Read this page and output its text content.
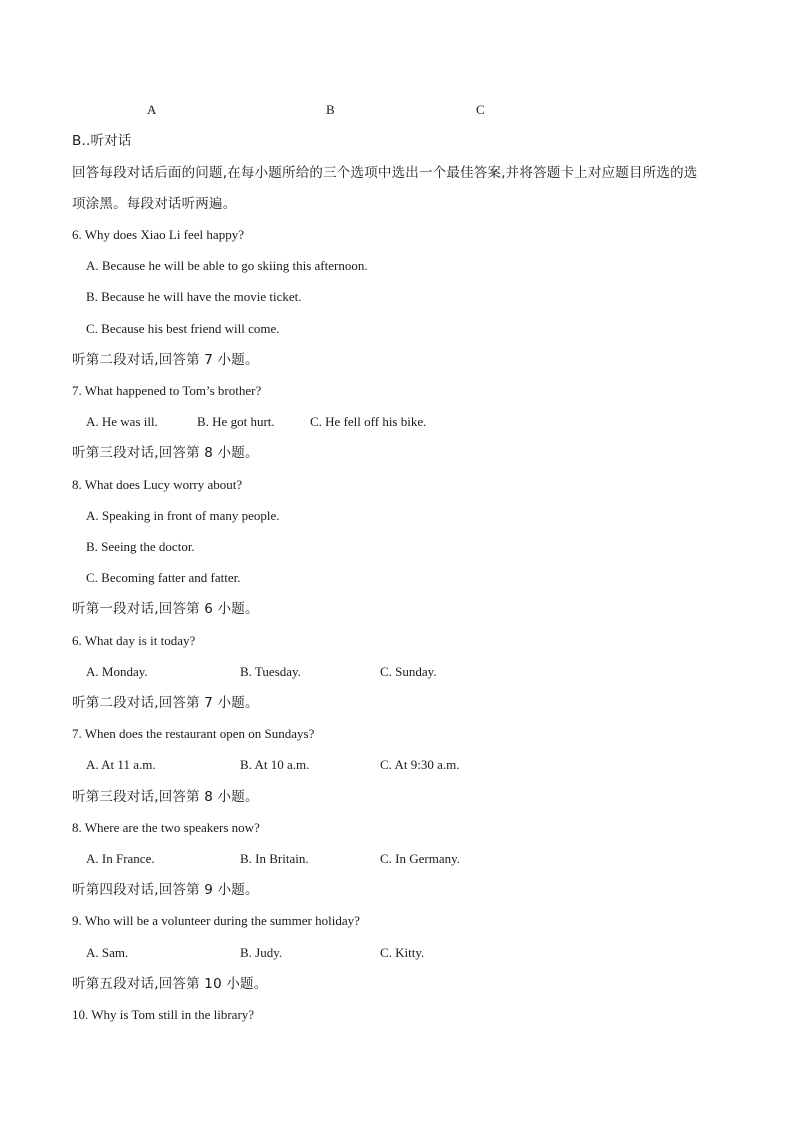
A	B	C
B..听对话
回答每段对话后面的问题,在每小题所给的三个选项中选出一个最佳答案,并将答题卡上对应题目所选的选
项涂黑。每段对话听两遍。
6. Why does Xiao Li feel happy?
A. Because he will be able to go skiing this afternoon.
B. Because he will have the movie ticket.
C. Because his best friend will come.
听第二段对话,回答第 7 小题。
7. What happened to Tom’s brother?
A. He was ill.	B. He got hurt.	C. He fell off his bike.
听第三段对话,回答第 8 小题。
8. What does Lucy worry about?
A. Speaking in front of many people.
B. Seeing the doctor.
C. Becoming fatter and fatter.
听第一段对话,回答第 6 小题。
6. What day is it today?
A. Monday.	B. Tuesday.	C. Sunday.
听第二段对话,回答第 7 小题。
7. When does the restaurant open on Sundays?
A. At 11 a.m.	B. At 10 a.m.	C. At 9:30 a.m.
听第三段对话,回答第 8 小题。
8. Where are the two speakers now?
A. In France.	B. In Britain.	C. In Germany.
听第四段对话,回答第 9 小题。
9. Who will be a volunteer during the summer holiday?
A. Sam.	B. Judy.	C. Kitty.
听第五段对话,回答第 10 小题。
10. Why is Tom still in the library?
